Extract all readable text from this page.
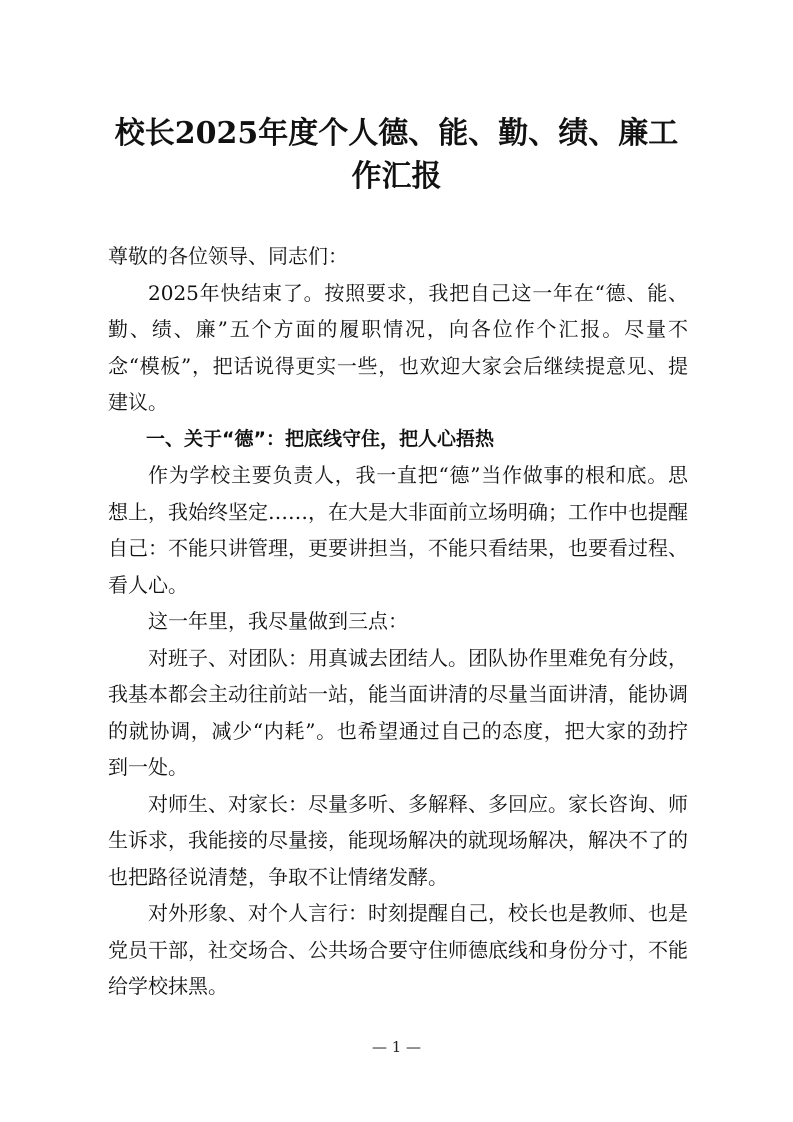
校长2025年度个人德、能、勤、绩、廉工作汇报

尊敬的各位领导、同志们：

2025年快结束了。按照要求，我把自己这一年在“德、能、勤、绩、廉”五个方面的履职情况，向各位作个汇报。尽量不念“模板”，把话说得更实一些，也欢迎大家会后继续提意见、提建议。

一、关于“德”：把底线守住，把人心捂热

作为学校主要负责人，我一直把“德”当作做事的根和底。思想上，我始终坚定……，在大是大非面前立场明确；工作中也提醒自己：不能只讲管理，更要讲担当，不能只看结果，也要看过程、看人心。

这一年里，我尽量做到三点：

对班子、对团队：用真诚去团结人。团队协作里难免有分歧，我基本都会主动往前站一站，能当面讲清的尽量当面讲清，能协调的就协调，减少“内耗”。也希望通过自己的态度，把大家的劲拧到一处。

对师生、对家长：尽量多听、多解释、多回应。家长咨询、师生诉求，我能接的尽量接，能现场解决的就现场解决，解决不了的也把路径说清楚，争取不让情绪发酵。

对外形象、对个人言行：时刻提醒自己，校长也是教师、也是党员干部，社交场合、公共场合要守住师德底线和身份分寸，不能给学校抹黑。

— 1 —
